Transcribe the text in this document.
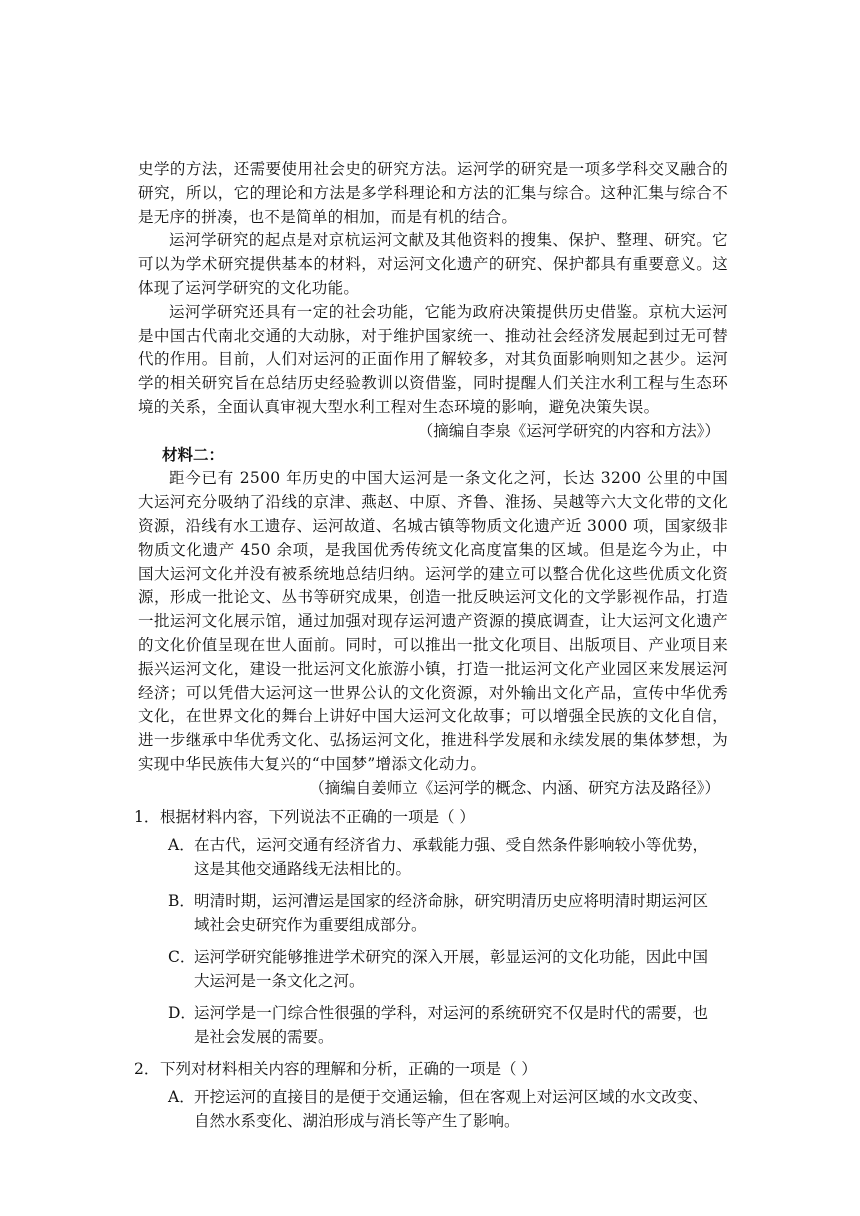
史学的方法，还需要使用社会史的研究方法。运河学的研究是一项多学科交叉融合的研究，所以，它的理论和方法是多学科理论和方法的汇集与综合。这种汇集与综合不是无序的拼凑，也不是简单的相加，而是有机的结合。

运河学研究的起点是对京杭运河文献及其他资料的搜集、保护、整理、研究。它可以为学术研究提供基本的材料，对运河文化遗产的研究、保护都具有重要意义。这体现了运河学研究的文化功能。

运河学研究还具有一定的社会功能，它能为政府决策提供历史借鉴。京杭大运河是中国古代南北交通的大动脉，对于维护国家统一、推动社会经济发展起到过无可替代的作用。目前，人们对运河的正面作用了解较多，对其负面影响则知之甚少。运河学的相关研究旨在总结历史经验教训以资借鉴，同时提醒人们关注水利工程与生态环境的关系，全面认真审视大型水利工程对生态环境的影响，避免决策失误。

（摘编自李泉《运河学研究的内容和方法》）

材料二：

距今已有 2500 年历史的中国大运河是一条文化之河，长达 3200 公里的中国大运河充分吸纳了沿线的京津、燕赵、中原、齐鲁、淮扬、吴越等六大文化带的文化资源，沿线有水工遗存、运河故道、名城古镇等物质文化遗产近 3000 项，国家级非物质文化遗产 450 余项，是我国优秀传统文化高度富集的区域。但是迄今为止，中国大运河文化并没有被系统地总结归纳。运河学的建立可以整合优化这些优质文化资源，形成一批论文、丛书等研究成果，创造一批反映运河文化的文学影视作品，打造一批运河文化展示馆，通过加强对现存运河遗产资源的摸底调查，让大运河文化遗产的文化价值呈现在世人面前。同时，可以推出一批文化项目、出版项目、产业项目来振兴运河文化，建设一批运河文化旅游小镇，打造一批运河文化产业园区来发展运河经济；可以凭借大运河这一世界公认的文化资源，对外输出文化产品，宣传中华优秀文化，在世界文化的舞台上讲好中国大运河文化故事；可以增强全民族的文化自信，进一步继承中华优秀文化、弘扬运河文化，推进科学发展和永续发展的集体梦想，为实现中华民族伟大复兴的“中国梦”增添文化动力。

（摘编自姜师立《运河学的概念、内涵、研究方法及路径》）

1． 根据材料内容，下列说法不正确的一项是（ ）
A． 在古代，运河交通有经济省力、承载能力强、受自然条件影响较小等优势，这是其他交通路线无法相比的。
B． 明清时期，运河漕运是国家的经济命脉，研究明清历史应将明清时期运河区域社会史研究作为重要组成部分。
C．
运河学研究能够推进学术研究的深入开展，彰显运河的文化功能，因此中国大运河是一条文化之河。
D．
运河学是一门综合性很强的学科，对运河的系统研究不仅是时代的需要，也是社会发展的需要。
2． 下列对材料相关内容的理解和分析，正确的一项是（ ）
A． 开挖运河的直接目的是便于交通运输，但在客观上对运河区域的水文改变、自然水系变化、湖泊形成与消长等产生了影响。
